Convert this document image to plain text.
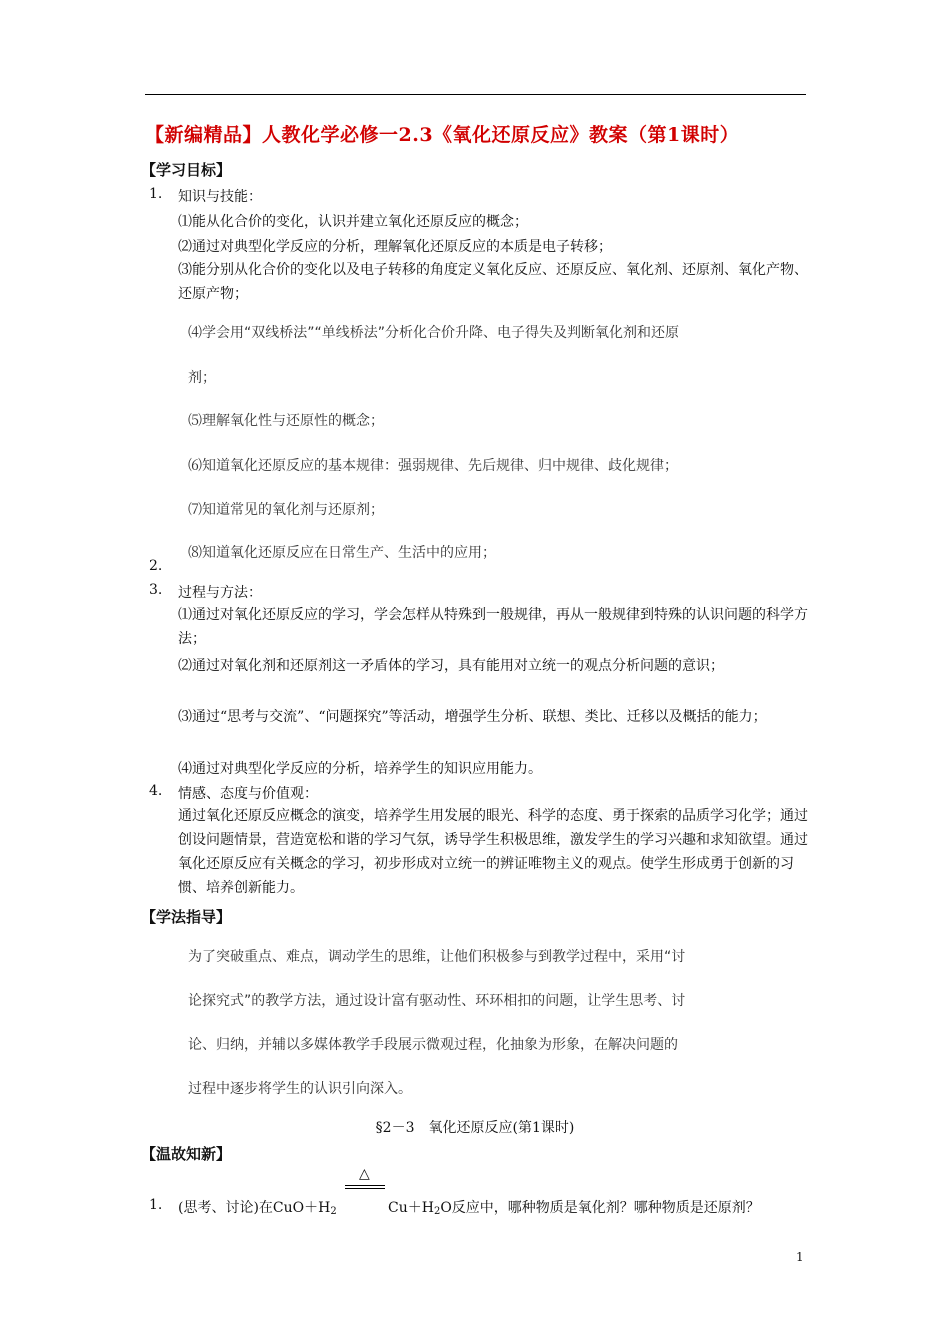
【新编精品】人教化学必修一2.3《氧化还原反应》教案（第1课时）
【学习目标】
1. 知识与技能：
⑴能从化合价的变化，认识并建立氧化还原反应的概念；
⑵通过对典型化学反应的分析，理解氧化还原反应的本质是电子转移；
⑶能分别从化合价的变化以及电子转移的角度定义氧化反应、还原反应、氧化剂、还原剂、氧化产物、还原产物；
⑷学会用“双线桥法”“单线桥法”分析化合价升降、电子得失及判断氧化剂和还原
剂；
⑸理解氧化性与还原性的概念；
⑹知道氧化还原反应的基本规律：强弱规律、先后规律、归中规律、歧化规律；
⑺知道常见的氧化剂与还原剂；
⑻知道氧化还原反应在日常生产、生活中的应用；
2.
3. 过程与方法：
⑴通过对氧化还原反应的学习，学会怎样从特殊到一般规律，再从一般规律到特殊的认识问题的科学方法；
⑵通过对氧化剂和还原剂这一矛盾体的学习，具有能用对立统一的观点分析问题的意识；
⑶通过“思考与交流”、“问题探究”等活动，增强学生分析、联想、类比、迁移以及概括的能力；
⑷通过对典型化学反应的分析，培养学生的知识应用能力。
4. 情感、态度与价值观：
通过氧化还原反应概念的演变，培养学生用发展的眼光、科学的态度、勇于探索的品质学习化学；通过创设问题情景，营造宽松和谐的学习气氛，诱导学生积极思维，激发学生的学习兴趣和求知欲望。通过氧化还原反应有关概念的学习，初步形成对立统一的辨证唯物主义的观点。使学生形成勇于创新的习惯、培养创新能力。
【学法指导】
为了突破重点、难点，调动学生的思维，让他们积极参与到教学过程中，采用“讨
论探究式”的教学方法，通过设计富有驱动性、环环相扣的问题，让学生思考、讨
论、归纳，并辅以多媒体教学手段展示微观过程，化抽象为形象，在解决问题的
过程中逐步将学生的认识引向深入。
§2－3　氧化还原反应(第1课时)
【温故知新】
1. (思考、讨论)在$CuO+H_2$
△
$Cu+H_2O$反应中，哪种物质是氧化剂？哪种物质是还原剂？
1
